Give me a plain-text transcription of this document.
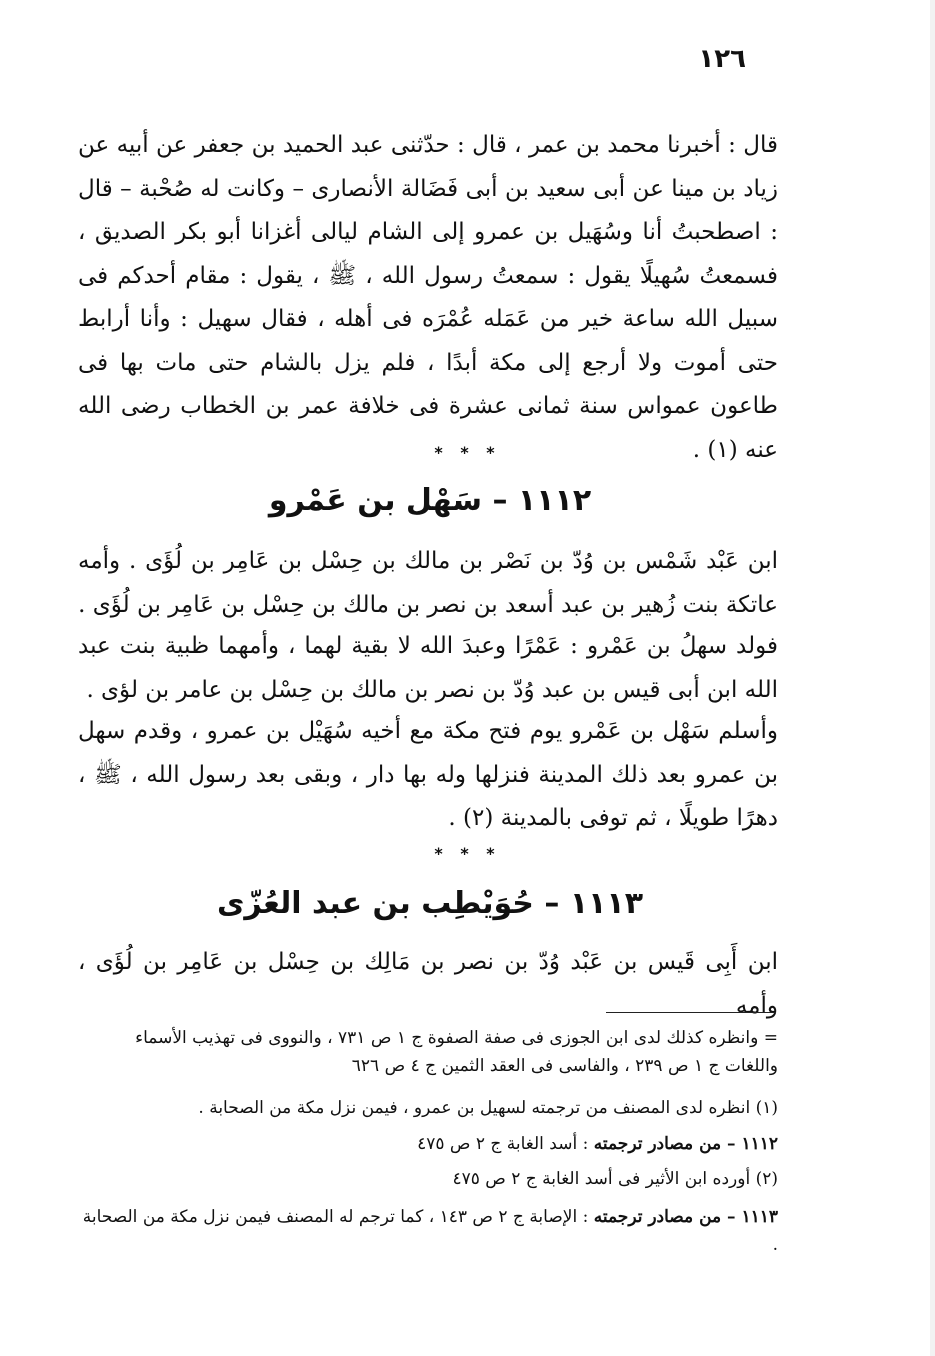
١٢٦

قال : أخبرنا محمد بن عمر ، قال : حدّثنى عبد الحميد بن جعفر عن أبيه عن زياد بن مينا عن أبى سعيد بن أبى فَضَالة الأنصارى – وكانت له صُحْبة – قال : اصطحبتُ أنا وسُهَيل بن عمرو إلى الشام ليالى أغزانا أبو بكر الصديق ، فسمعتُ سُهيلًا يقول : سمعتُ رسول الله ، ﷺ ، يقول : مقام أحدكم فى سبيل الله ساعة خير من عَمَله عُمْرَه فى أهله ، فقال سهيل : وأنا أرابط حتى أموت ولا أرجع إلى مكة أبدًا ، فلم يزل بالشام حتى مات بها فى طاعون عمواس سنة ثمانى عشرة فى خلافة عمر بن الخطاب رضى الله عنه (١) .

* * *
١١١٢ – سَهْل بن عَمْرو

ابن عَبْد شَمْس بن وُدّ بن نَصْر بن مالك بن حِسْل بن عَامِر بن لُؤَى . وأمه عاتكة بنت زُهير بن عبد أسعد بن نصر بن مالك بن حِسْل بن عَامِر بن لُؤَى .

فولد سهلُ بن عَمْرو : عَمْرًا وعبدَ الله لا بقية لهما ، وأمهما ظبية بنت عبد الله ابن أبى قيس بن عبد وُدّ بن نصر بن مالك بن حِسْل بن عامر بن لؤى .

وأسلم سَهْل بن عَمْرو يوم فتح مكة مع أخيه سُهَيْل بن عمرو ، وقدم سهل بن عمرو بعد ذلك المدينة فنزلها وله بها دار ، وبقى بعد رسول الله ، ﷺ ، دهرًا طويلًا ، ثم توفى بالمدينة (٢) .

* * *
١١١٣ – حُوَيْطِب بن عبد العُزّى

ابن أَبِى قَيس بن عَبْد وُدّ بن نصر بن مَالِك بن حِسْل بن عَامِر بن لُؤَى ، وأمه

= وانظره كذلك لدى ابن الجوزى فى صفة الصفوة ج ١ ص ٧٣١ ، والنووى فى تهذيب الأسماء واللغات ج ١ ص ٢٣٩ ، والفاسى فى العقد الثمين ج ٤ ص ٦٢٦

(١) انظره لدى المصنف من ترجمته لسهيل بن عمرو ، فيمن نزل مكة من الصحابة .

١١١٢ – من مصادر ترجمته : أسد الغابة ج ٢ ص ٤٧٥

(٢) أورده ابن الأثير فى أسد الغابة ج ٢ ص ٤٧٥

١١١٣ – من مصادر ترجمته : الإصابة ج ٢ ص ١٤٣ ، كما ترجم له المصنف فيمن نزل مكة من الصحابة .
